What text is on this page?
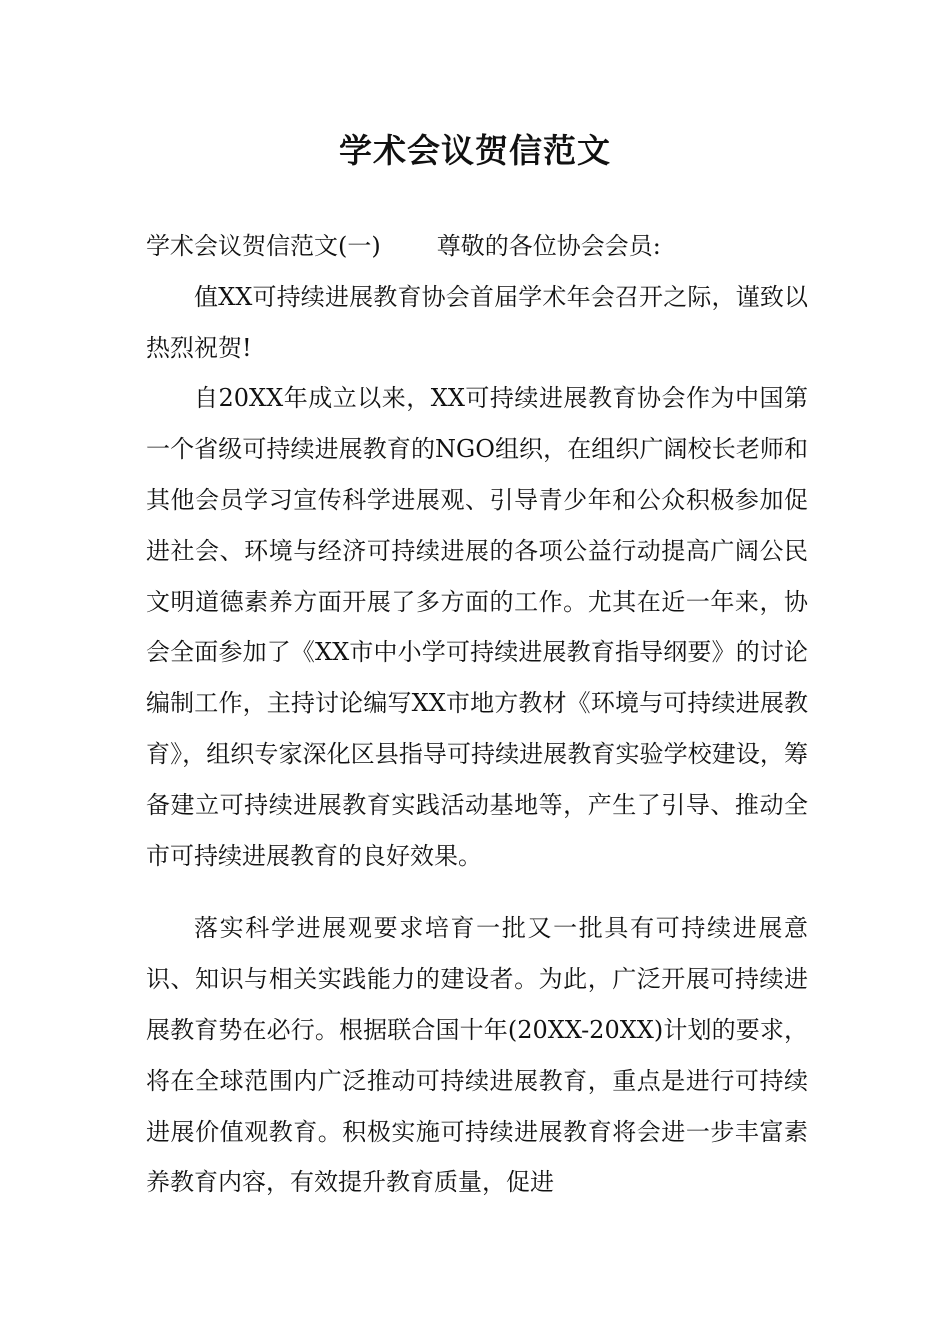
学术会议贺信范文

学术会议贺信范文(一) 尊敬的各位协会会员:

值XX可持续进展教育协会首届学术年会召开之际，谨致以热烈祝贺!

自20XX年成立以来，XX可持续进展教育协会作为中国第一个省级可持续进展教育的NGO组织，在组织广阔校长老师和其他会员学习宣传科学进展观、引导青少年和公众积极参加促进社会、环境与经济可持续进展的各项公益行动提高广阔公民文明道德素养方面开展了多方面的工作。尤其在近一年来，协会全面参加了《XX市中小学可持续进展教育指导纲要》的讨论编制工作，主持讨论编写XX市地方教材《环境与可持续进展教育》，组织专家深化区县指导可持续进展教育实验学校建设，筹备建立可持续进展教育实践活动基地等，产生了引导、推动全市可持续进展教育的良好效果。

落实科学进展观要求培育一批又一批具有可持续进展意识、知识与相关实践能力的建设者。为此，广泛开展可持续进展教育势在必行。根据联合国十年(20XX-20XX)计划的要求，将在全球范围内广泛推动可持续进展教育，重点是进行可持续进展价值观教育。积极实施可持续进展教育将会进一步丰富素养教育内容，有效提升教育质量，促进
